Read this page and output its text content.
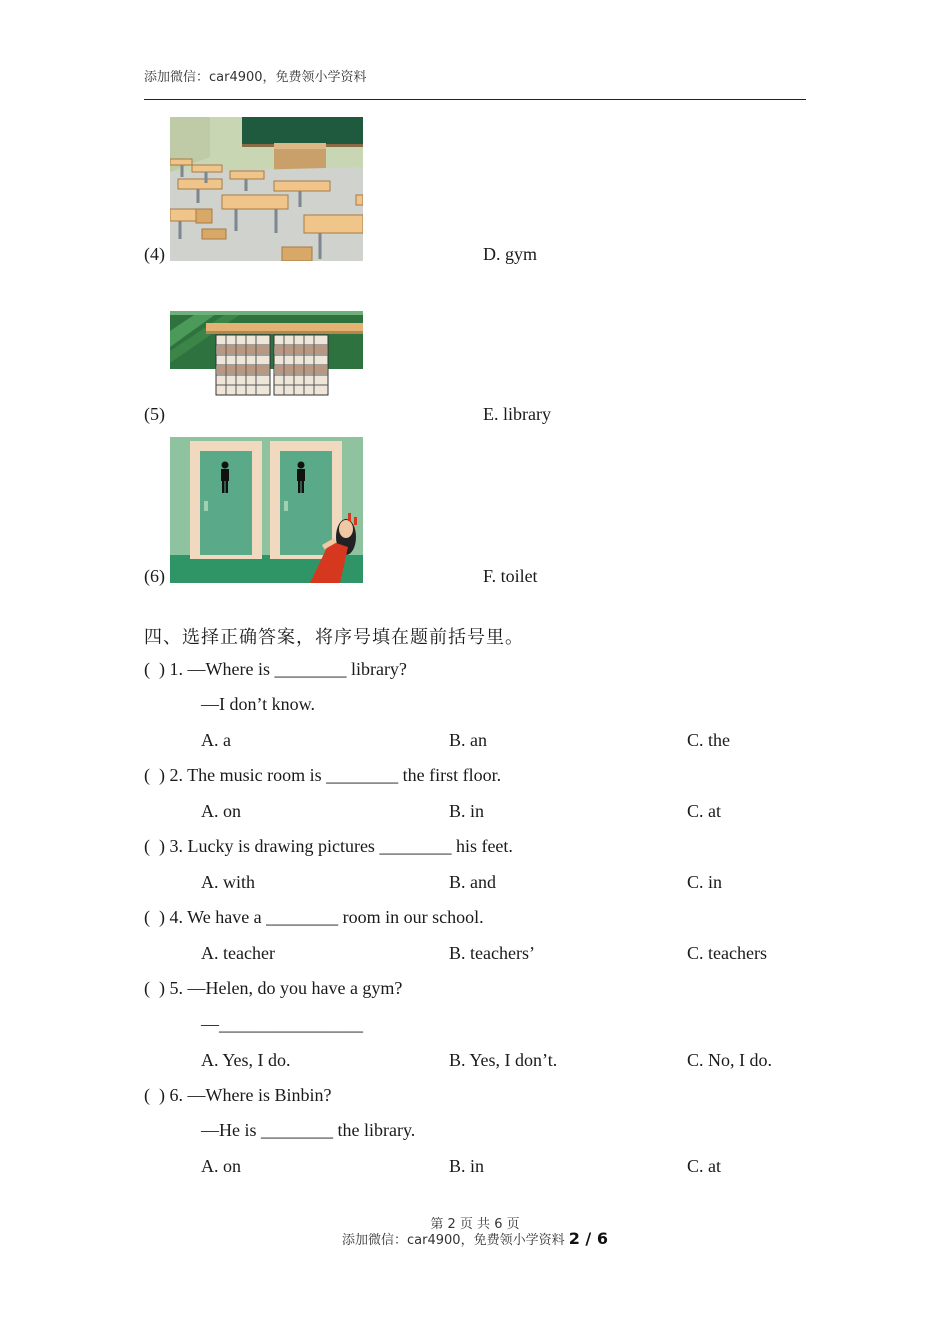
添加微信：car4900，免费领小学资料
(4)	D. gym
(5)	E. library
(6)	F. toilet
四、选择正确答案，将序号填在题前括号里。
(  ) 1. —Where is ________ library?
—I don’t know.
A. a	B. an	C. the
(  ) 2. The music room is ________ the first floor.
A. on	B. in	C. at
(  ) 3. Lucky is drawing pictures ________ his feet.
A. with	B. and	C. in
(  ) 4. We have a ________ room in our school.
A. teacher	B. teachers’	C. teachers
(  ) 5. —Helen, do you have a gym?
—________________
A. Yes, I do.	B. Yes, I don’t.	C. No, I do.
(  ) 6. —Where is Binbin?
—He is ________ the library.
A. on	B. in	C. at
第 2 页 共 6 页
添加微信：car4900，免费领小学资料 2 / 6
